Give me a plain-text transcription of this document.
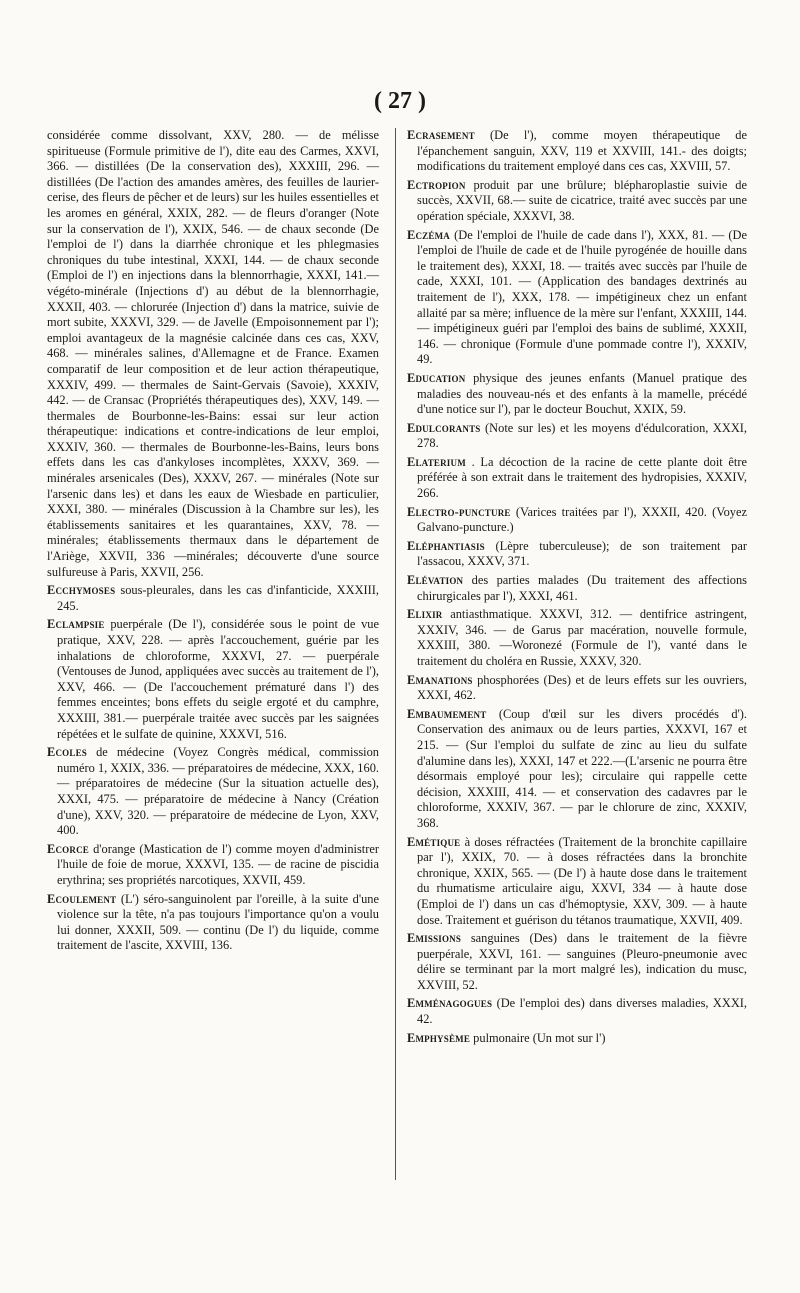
( 27 )

considérée comme dissolvant, XXV, 280. — de mélisse spiritueuse (Formule primitive de l'), dite eau des Carmes, XXVI, 366. — distillées (De la conservation des), XXXIII, 296. — distillées (De l'action des amandes amères, des feuilles de laurier-cerise, des fleurs de pêcher et de leurs) sur les huiles essentielles et les aromes en général, XXIX, 282. — de fleurs d'oranger (Note sur la conservation de l'), XXIX, 546. — de chaux seconde (De l'emploi de l') dans la diarrhée chronique et les phlegmasies chroniques du tube intestinal, XXXI, 144. — de chaux seconde (Emploi de l') en injections dans la blennorrhagie, XXXI, 141.— végéto-minérale (Injections d') au début de la blennorrhagie, XXXII, 403. — chlorurée (Injection d') dans la matrice, suivie de mort subite, XXXVI, 329. — de Javelle (Empoisonnement par l'); emploi avantageux de la magnésie calcinée dans ces cas, XXV, 468. — minérales salines, d'Allemagne et de France. Examen comparatif de leur composition et de leur action thérapeutique, XXXIV, 499. — thermales de Saint-Gervais (Savoie), XXXIV, 442. — de Cransac (Propriétés thérapeutiques des), XXV, 149. — thermales de Bourbonne-les-Bains: essai sur leur action thérapeutique: indications et contre-indications de leur emploi, XXXIV, 360. — thermales de Bourbonne-les-Bains, leurs bons effets dans les cas d'ankyloses incomplètes, XXXV, 369. — minérales arsenicales (Des), XXXV, 267. — minérales (Note sur l'arsenic dans les) et dans les eaux de Wiesbade en particulier, XXXI, 380. — minérales (Discussion à la Chambre sur les), les établissements sanitaires et les quarantaines, XXV, 78. — minérales; établissements thermaux dans le département de l'Ariège, XXVII, 336 —minérales; découverte d'une source sulfureuse à Paris, XXVII, 256.

Ecchymoses sous-pleurales, dans les cas d'infanticide, XXXIII, 245.

Eclampsie puerpérale (De l'), considérée sous le point de vue pratique, XXV, 228. — après l'accouchement, guérie par les inhalations de chloroforme, XXXVI, 27. — puerpérale (Ventouses de Junod, appliquées avec succès au traitement de l'), XXV, 466. — (De l'accouchement prématuré dans l') des femmes enceintes; bons effets du seigle ergoté et du camphre, XXXIII, 381.— puerpérale traitée avec succès par les saignées répétées et le sulfate de quinine, XXXVI, 516.

Ecoles de médecine (Voyez Congrès médical, commission numéro 1, XXIX, 336. — préparatoires de médecine, XXX, 160. — préparatoires de médecine (Sur la situation actuelle des), XXXI, 475. — préparatoire de médecine à Nancy (Création d'une), XXV, 320. — préparatoire de médecine de Lyon, XXV, 400.

Ecorce d'orange (Mastication de l') comme moyen d'administrer l'huile de foie de morue, XXXVI, 135. — de racine de piscidia erythrina; ses propriétés narcotiques, XXVII, 459.

Ecoulement (L') séro-sanguinolent par l'oreille, à la suite d'une violence sur la tête, n'a pas toujours l'importance qu'on a voulu lui donner, XXXII, 509. — continu (De l') du liquide, comme traitement de l'ascite, XXVIII, 136.

Ecrasement (De l'), comme moyen thérapeutique de l'épanchement sanguin, XXV, 119 et XXVIII, 141.- des doigts; modifications du traitement employé dans ces cas, XXVIII, 57.

Ectropion produit par une brûlure; blépharoplastie suivie de succès, XXVII, 68.— suite de cicatrice, traité avec succès par une opération spéciale, XXXVI, 38.

Eczéma (De l'emploi de l'huile de cade dans l'), XXX, 81. — (De l'emploi de l'huile de cade et de l'huile pyrogénée de houille dans le traitement des), XXXI, 18. — traités avec succès par l'huile de cade, XXXI, 101. — (Application des bandages dextrinés au traitement de l'), XXX, 178. — impétigineux chez un enfant allaité par sa mère; influence de la mère sur l'enfant, XXXIII, 144. — impétigineux guéri par l'emploi des bains de sublimé, XXXII, 146. — chronique (Formule d'une pommade contre l'), XXXIV, 49.

Education physique des jeunes enfants (Manuel pratique des maladies des nouveau-nés et des enfants à la mamelle, précédé d'une notice sur l'), par le docteur Bouchut, XXIX, 59.

Edulcorants (Note sur les) et les moyens d'édulcoration, XXXI, 278.

Elaterium . La décoction de la racine de cette plante doit être préférée à son extrait dans le traitement des hydropisies, XXXIV, 266.

Electro-puncture (Varices traitées par l'), XXXII, 420. (Voyez Galvano-puncture.)

Eléphantiasis (Lèpre tuberculeuse); de son traitement par l'assacou, XXXV, 371.

Elévation des parties malades (Du traitement des affections chirurgicales par l'), XXXI, 461.

Elixir antiasthmatique. XXXVI, 312. — dentifrice astringent, XXXIV, 346. — de Garus par macération, nouvelle formule, XXXIII, 380. —Woronezé (Formule de l'), vanté dans le traitement du choléra en Russie, XXXV, 320.

Emanations phosphorées (Des) et de leurs effets sur les ouvriers, XXXI, 462.

Embaumement (Coup d'œil sur les divers procédés d'). Conservation des animaux ou de leurs parties, XXXVI, 167 et 215. — (Sur l'emploi du sulfate de zinc au lieu du sulfate d'alumine dans les), XXXI, 147 et 222.—(L'arsenic ne pourra être désormais employé pour les); circulaire qui rappelle cette décision, XXXIII, 414. — et conservation des cadavres par le chloroforme, XXXIV, 367. — par le chlorure de zinc, XXXIV, 368.

Emétique à doses réfractées (Traitement de la bronchite capillaire par l'), XXIX, 70. — à doses réfractées dans la bronchite chronique, XXIX, 565. — (De l') à haute dose dans le traitement du rhumatisme articulaire aigu, XXVI, 334 — à haute dose (Emploi de l') dans un cas d'hémoptysie, XXV, 309. — à haute dose. Traitement et guérison du tétanos traumatique, XXVII, 409.

Emissions sanguines (Des) dans le traitement de la fièvre puerpérale, XXVI, 161. — sanguines (Pleuro-pneumonie avec délire se terminant par la mort malgré les), indication du musc, XXVIII, 52.

Emménagogues (De l'emploi des) dans diverses maladies, XXXI, 42.

Emphysème pulmonaire (Un mot sur l')
